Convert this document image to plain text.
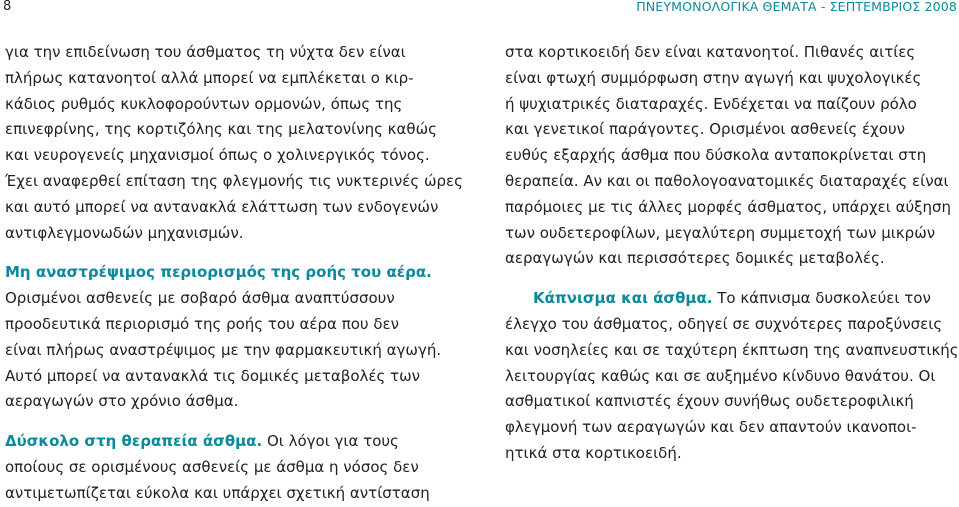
8	ΠΝΕΥΜΟΝΟΛΟΓΙΚΑ ΘΕΜΑΤΑ - ΣΕΠΤΕΜΒΡΙΟΣ 2008
για την επιδείνωση του άσθματος τη νύχτα δεν είναι
πλήρως κατανοητοί αλλά μπορεί να εμπλέκεται ο κιρ-
κάδιος ρυθμός κυκλοφορούντων ορμονών, όπως της
επινεφρίνης, της κορτιζόλης και της μελατονίνης καθώς
και νευρογενείς μηχανισμοί όπως ο χολινεργικός τόνος.
Έχει αναφερθεί επίταση της φλεγμονής τις νυκτερινές ώρες
και αυτό μπορεί να αντανακλά ελάττωση των ενδογενών
αντιφλεγμονωδών μηχανισμών.
Μη αναστρέψιμος περιορισμός της ροής του αέρα.
Ορισμένοι ασθενείς με σοβαρό άσθμα αναπτύσσουν
προοδευτικά περιορισμό της ροής του αέρα που δεν
είναι πλήρως αναστρέψιμος με την φαρμακευτική αγωγή.
Αυτό μπορεί να αντανακλά τις δομικές μεταβολές των
αεραγωγών στο χρόνιο άσθμα.
Δύσκολο στη θεραπεία άσθμα. Οι λόγοι για τους
οποίους σε ορισμένους ασθενείς με άσθμα η νόσος δεν
αντιμετωπίζεται εύκολα και υπάρχει σχετική αντίσταση
στα κορτικοειδή δεν είναι κατανοητοί. Πιθανές αιτίες
είναι φτωχή συμμόρφωση στην αγωγή και ψυχολογικές
ή ψυχιατρικές διαταραχές. Ενδέχεται να παίζουν ρόλο
και γενετικοί παράγοντες. Ορισμένοι ασθενείς έχουν
ευθύς εξαρχής άσθμα που δύσκολα ανταποκρίνεται στη
θεραπεία. Αν και οι παθολογοανατομικές διαταραχές είναι
παρόμοιες με τις άλλες μορφές άσθματος, υπάρχει αύξηση
των ουδετεροφίλων, μεγαλύτερη συμμετοχή των μικρών
αεραγωγών και περισσότερες δομικές μεταβολές.
Κάπνισμα και άσθμα. Το κάπνισμα δυσκολεύει τον
έλεγχο του άσθματος, οδηγεί σε συχνότερες παροξύνσεις
και νοσηλείες και σε ταχύτερη έκπτωση της αναπνευστικής
λειτουργίας καθώς και σε αυξημένο κίνδυνο θανάτου. Οι
ασθματικοί καπνιστές έχουν συνήθως ουδετεροφιλική
φλεγμονή των αεραγωγών και δεν απαντούν ικανοποι-
ητικά στα κορτικοειδή.
